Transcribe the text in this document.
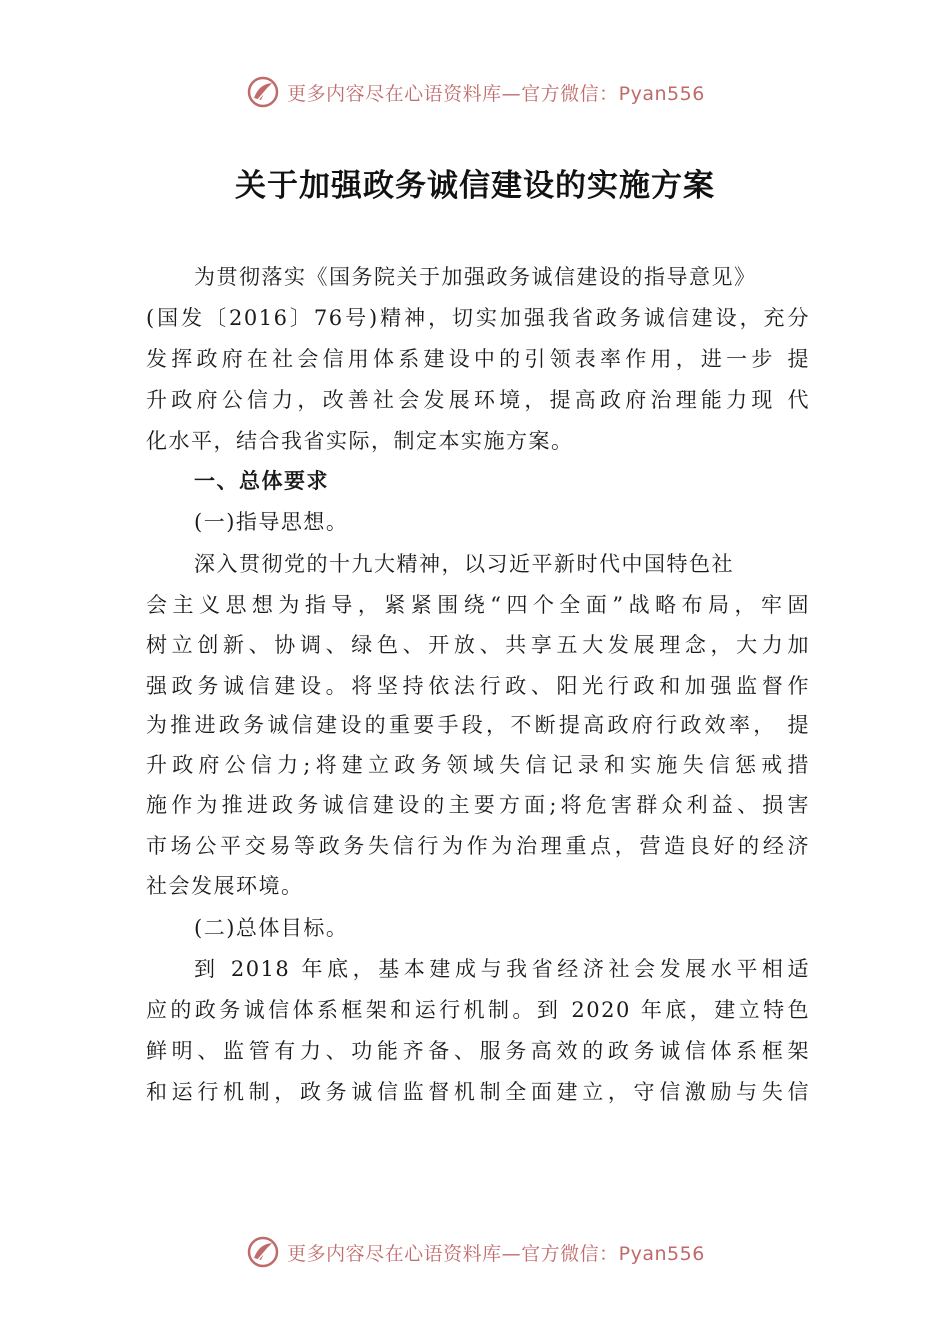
更多内容尽在心语资料库—官方微信：Pyan556
关于加强政务诚信建设的实施方案
为贯彻落实《国务院关于加强政务诚信建设的指导意见》
(国发〔2016〕76号)精神，切实加强我省政务诚信建设，充分
发挥政府在社会信用体系建设中的引领表率作用，进一步 提
升政府公信力，改善社会发展环境，提高政府治理能力现 代
化水平，结合我省实际，制定本实施方案。
一、总体要求
(一)指导思想。
深入贯彻党的十九大精神，以习近平新时代中国特色社
会主义思想为指导，紧紧围绕“四个全面”战略布局，牢固
树立创新、协调、绿色、开放、共享五大发展理念，大力加
强政务诚信建设。将坚持依法行政、阳光行政和加强监督作
为推进政务诚信建设的重要手段，不断提高政府行政效率， 提
升政府公信力;将建立政务领域失信记录和实施失信惩戒措
施作为推进政务诚信建设的主要方面;将危害群众利益、损害
市场公平交易等政务失信行为作为治理重点，营造良好的经济
社会发展环境。
(二)总体目标。
到 2018 年底，基本建成与我省经济社会发展水平相适
应的政务诚信体系框架和运行机制。到 2020 年底，建立特色
鲜明、监管有力、功能齐备、服务高效的政务诚信体系框架
和运行机制，政务诚信监督机制全面建立，守信激励与失信
更多内容尽在心语资料库—官方微信：Pyan556
